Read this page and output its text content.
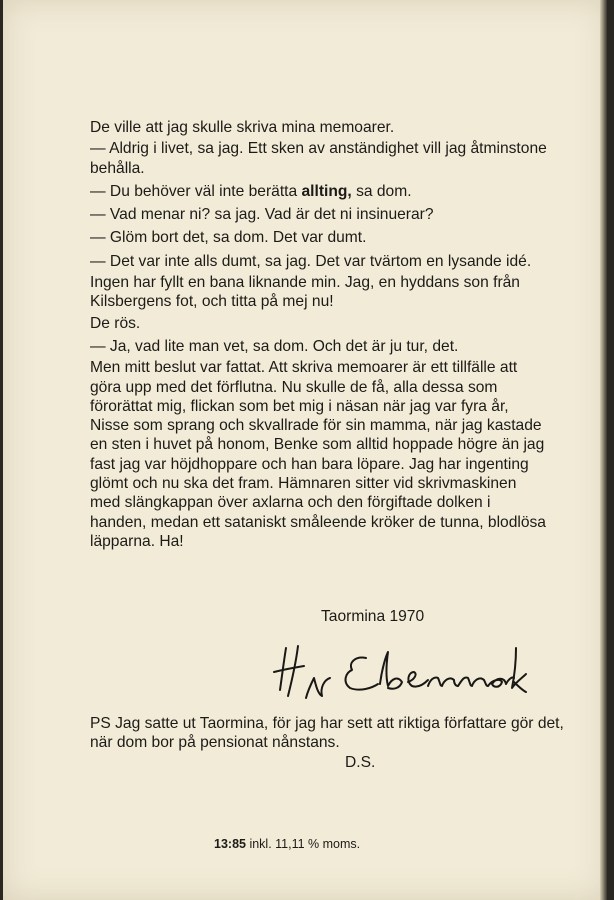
De ville att jag skulle skriva mina memoarer.

— Aldrig i livet, sa jag. Ett sken av anständighet vill jag åtminstone behålla.

— Du behöver väl inte berätta allting, sa dom.

— Vad menar ni? sa jag. Vad är det ni insinuerar?

— Glöm bort det, sa dom. Det var dumt.

— Det var inte alls dumt, sa jag. Det var tvärtom en lysande idé.

Ingen har fyllt en bana liknande min. Jag, en hyddans son från Kilsbergens fot, och titta på mej nu!

De rös.

— Ja, vad lite man vet, sa dom. Och det är ju tur, det.

Men mitt beslut var fattat. Att skriva memoarer är ett tillfälle att göra upp med det förflutna. Nu skulle de få, alla dessa som förorättat mig, flickan som bet mig i näsan när jag var fyra år, Nisse som sprang och skvallrade för sin mamma, när jag kastade en sten i huvet på honom, Benke som alltid hoppade högre än jag fast jag var höjdhoppare och han bara löpare. Jag har ingenting glömt och nu ska det fram. Hämnaren sitter vid skrivmaskinen med slängkappan över axlarna och den förgiftade dolken i handen, medan ett sataniskt småleende kröker de tunna, blodlösa läpparna. Ha!

Taormina 1970
PS Jag satte ut Taormina, för jag har sett att riktiga författare gör det, när dom bor på pensionat nånstans.
D.S.
13:85 inkl. 11,11 % moms.
